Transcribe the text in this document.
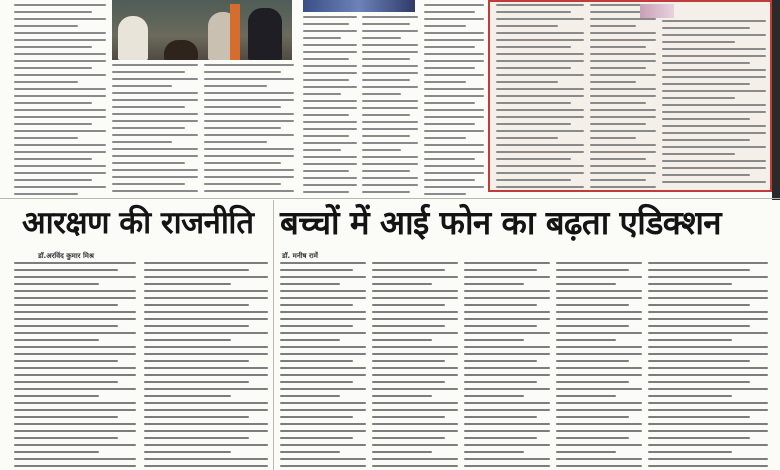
आरक्षण की राजनीति बच्चों में आई फोन का बढ़ता एडिक्शन
डॉ.अरविंद कुमार मिश्र	डॉ. मनीष रामें
